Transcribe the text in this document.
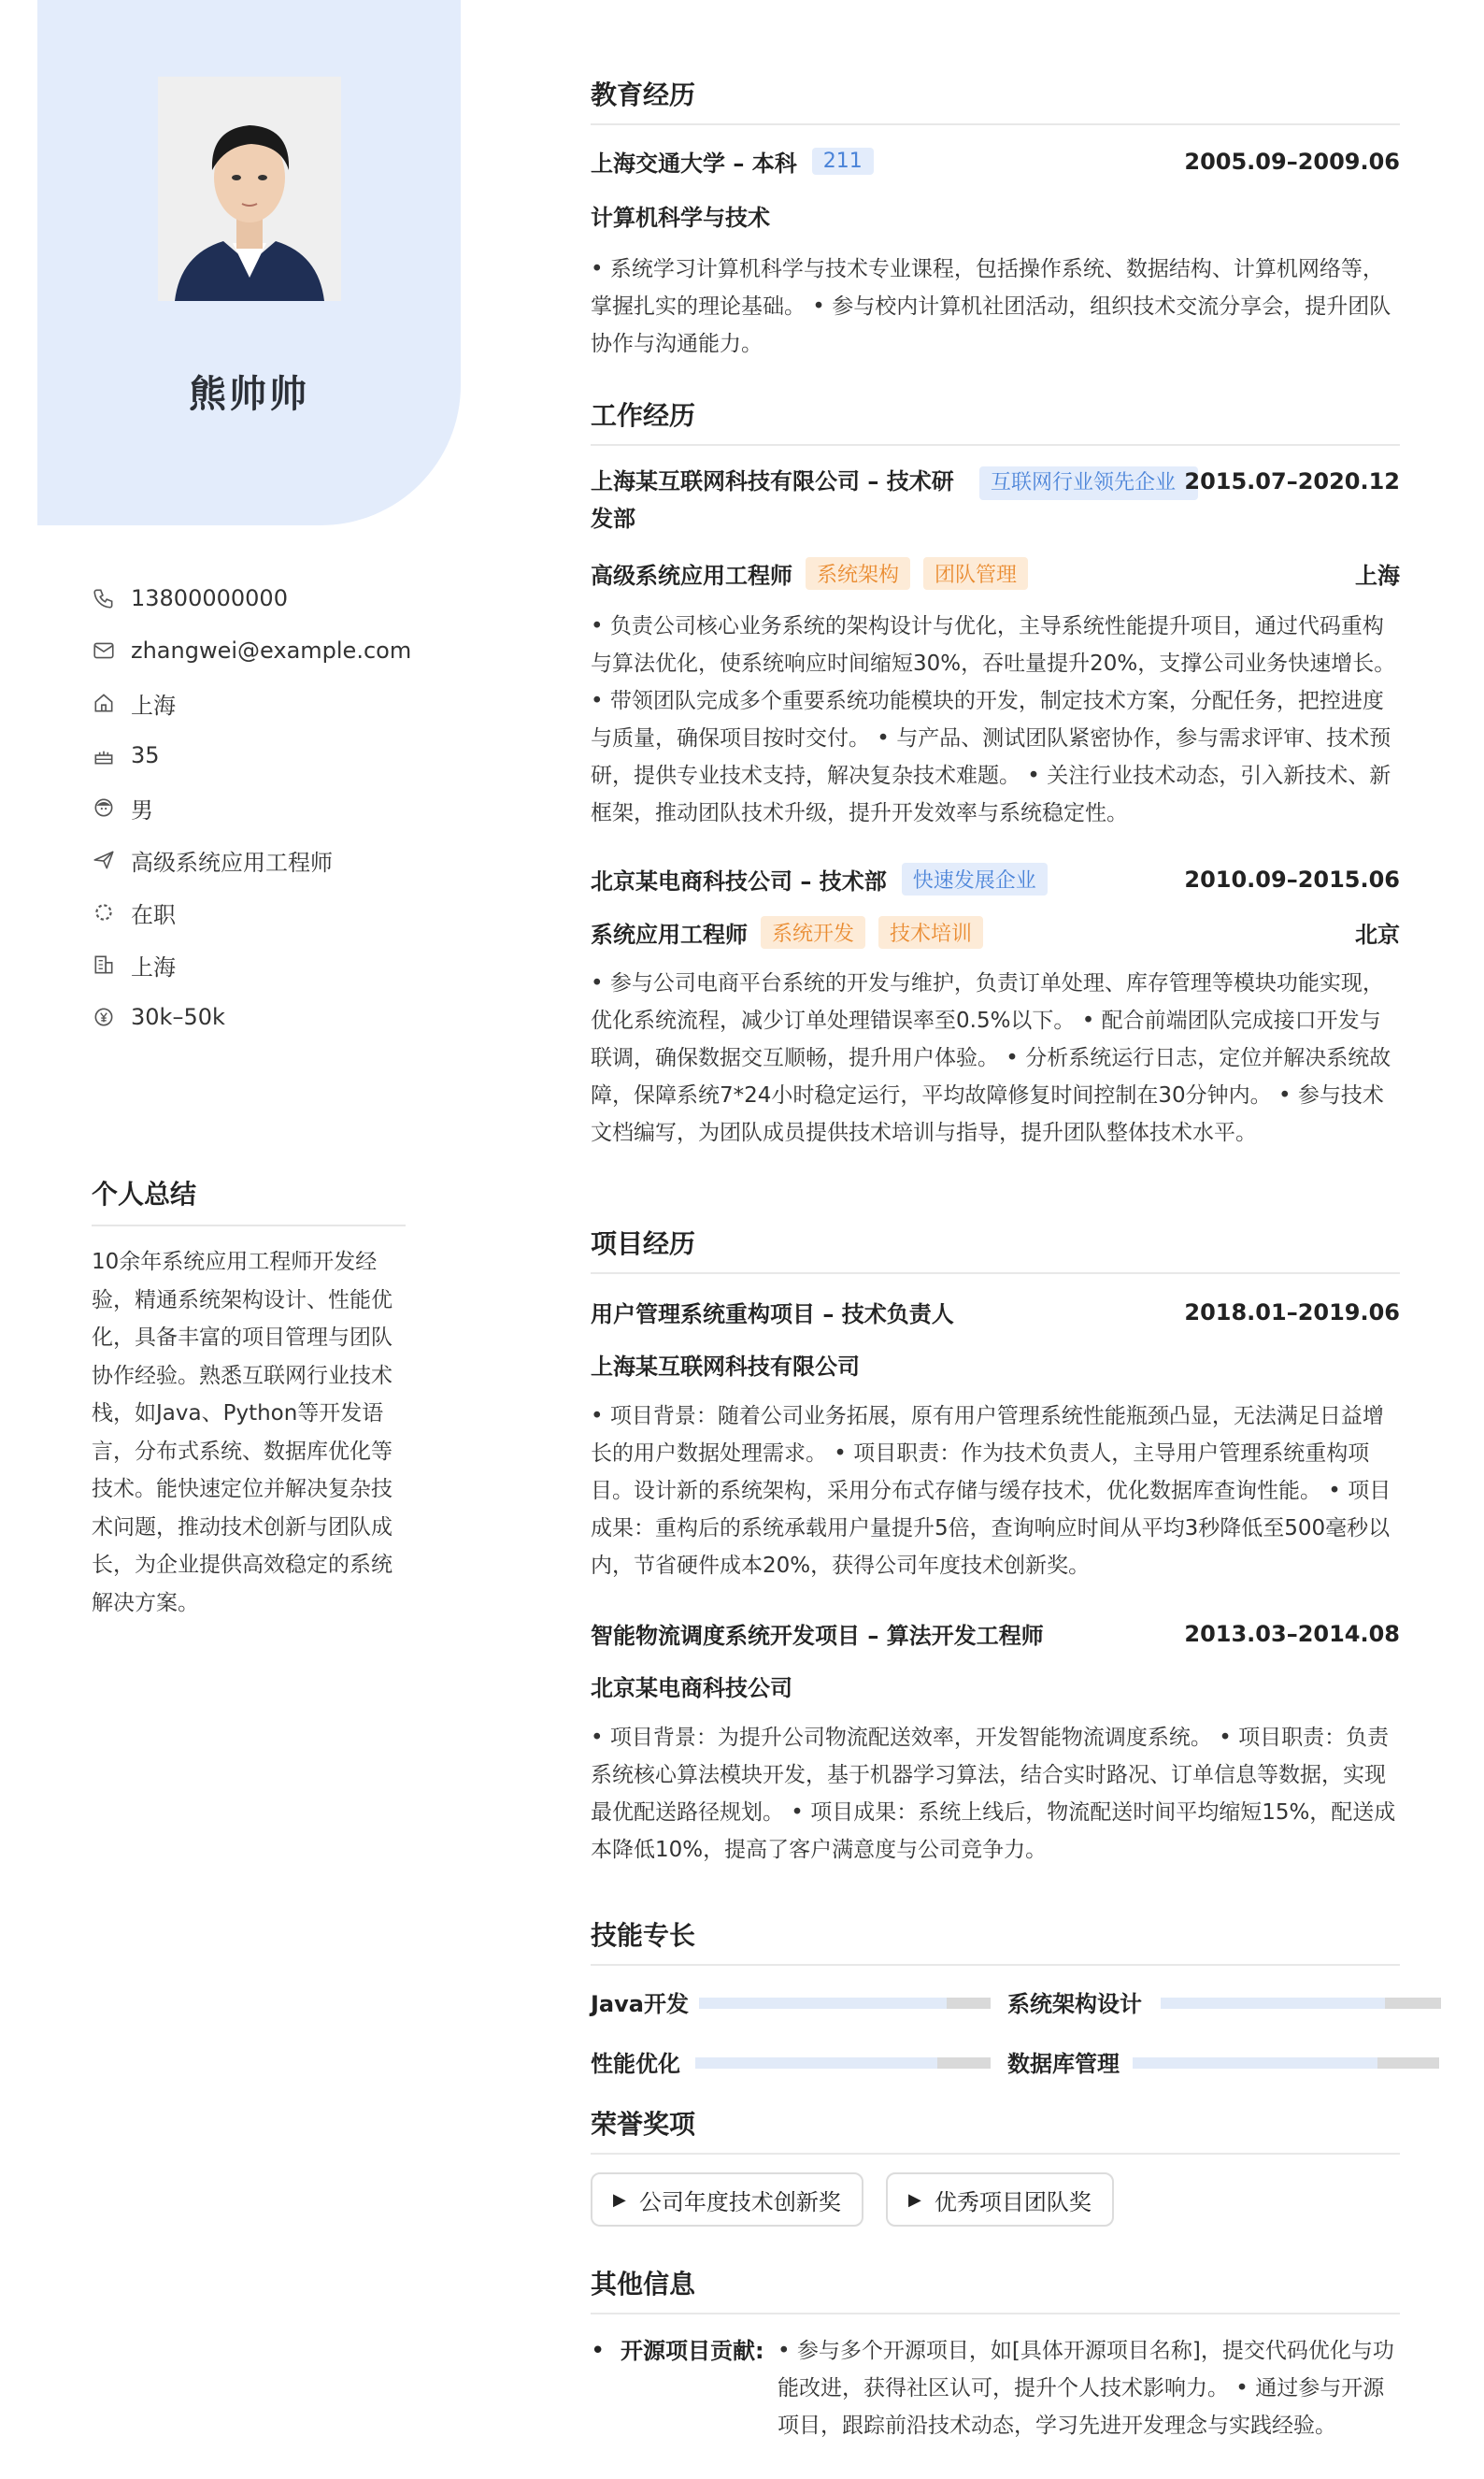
熊帅帅
13800000000
zhangwei@example.com
上海
35
男
高级系统应用工程师
在职
上海
30k–50k
个人总结
10余年系统应用工程师开发经验，精通系统架构设计、性能优化，具备丰富的项目管理与团队协作经验。熟悉互联网行业技术栈，如Java、Python等开发语言，分布式系统、数据库优化等技术。能快速定位并解决复杂技术问题，推动技术创新与团队成长，为企业提供高效稳定的系统解决方案。
教育经历
上海交通大学 – 本科	211	2005.09–2009.06
计算机科学与技术
• 系统学习计算机科学与技术专业课程，包括操作系统、数据结构、计算机网络等，掌握扎实的理论基础。 • 参与校内计算机社团活动，组织技术交流分享会，提升团队协作与沟通能力。
工作经历
上海某互联网科技有限公司 – 技术研发部
互联网行业领先企业 2015.07–2020.12
高级系统应用工程师	系统架构	团队管理	上海
• 负责公司核心业务系统的架构设计与优化，主导系统性能提升项目，通过代码重构与算法优化，使系统响应时间缩短30%，吞吐量提升20%，支撑公司业务快速增长。 • 带领团队完成多个重要系统功能模块的开发，制定技术方案，分配任务，把控进度与质量，确保项目按时交付。 • 与产品、测试团队紧密协作，参与需求评审、技术预研，提供专业技术支持，解决复杂技术难题。 • 关注行业技术动态，引入新技术、新框架，推动团队技术升级，提升开发效率与系统稳定性。
北京某电商科技公司 – 技术部	快速发展企业	2010.09–2015.06
系统应用工程师	系统开发	技术培训	北京
• 参与公司电商平台系统的开发与维护，负责订单处理、库存管理等模块功能实现，优化系统流程，减少订单处理错误率至0.5%以下。 • 配合前端团队完成接口开发与联调，确保数据交互顺畅，提升用户体验。 • 分析系统运行日志，定位并解决系统故障，保障系统7*24小时稳定运行，平均故障修复时间控制在30分钟内。 • 参与技术文档编写，为团队成员提供技术培训与指导，提升团队整体技术水平。
项目经历
用户管理系统重构项目 – 技术负责人	2018.01–2019.06
上海某互联网科技有限公司
• 项目背景：随着公司业务拓展，原有用户管理系统性能瓶颈凸显，无法满足日益增长的用户数据处理需求。 • 项目职责：作为技术负责人，主导用户管理系统重构项目。设计新的系统架构，采用分布式存储与缓存技术，优化数据库查询性能。 • 项目成果：重构后的系统承载用户量提升5倍，查询响应时间从平均3秒降低至500毫秒以内，节省硬件成本20%，获得公司年度技术创新奖。
智能物流调度系统开发项目 – 算法开发工程师	2013.03–2014.08
北京某电商科技公司
• 项目背景：为提升公司物流配送效率，开发智能物流调度系统。 • 项目职责：负责系统核心算法模块开发，基于机器学习算法，结合实时路况、订单信息等数据，实现最优配送路径规划。 • 项目成果：系统上线后，物流配送时间平均缩短15%，配送成本降低10%，提高了客户满意度与公司竞争力。
技能专长
Java开发	系统架构设计
性能优化	数据库管理
荣誉奖项
▶ 公司年度技术创新奖	▶ 优秀项目团队奖
其他信息
• 开源项目贡献: • 参与多个开源项目，如[具体开源项目名称]，提交代码优化与功能改进，获得社区认可，提升个人技术影响力。 • 通过参与开源项目，跟踪前沿技术动态，学习先进开发理念与实践经验。
